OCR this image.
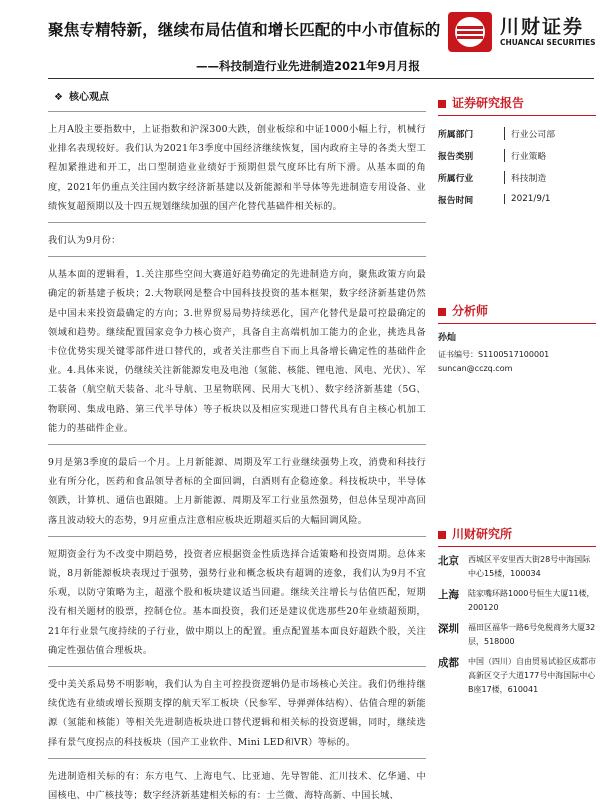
聚焦专精特新，继续布局估值和增长匹配的中小市值标的
——科技制造行业先进制造2021年9月月报
川财证券
CHUANCAI SECURITIES
❖ 核心观点

上月A股主要指数中，上证指数和沪深300大跌，创业板综和中证1000小幅上行，机械行业排名表现较好。我们认为2021年3季度中国经济继续恢复，国内政府主导的各类大型工程加紧推进和开工，出口型制造业业绩好于预期但景气度环比有所下滑。从基本面的角度，2021年仍重点关注国内数字经济新基建以及新能源和半导体等先进制造专用设备、业绩恢复超预期以及十四五规划继续加强的国产化替代基础件相关标的。

我们认为9月份：

从基本面的逻辑看，1.关注那些空间大赛道好趋势确定的先进制造方向，聚焦政策方向最确定的新基建子板块；2.大物联网是整合中国科技投资的基本框架，数字经济新基建仍然是中国未来投资最确定的方向；3.世界贸易局势持续恶化，国产化替代是最可控最确定的领域和趋势。继续配置国家竞争力核心资产，具备自主高端机加工能力的企业，挑选具备卡位优势实现关键零部件进口替代的，或者关注那些自下而上具备增长确定性的基础件企业。4.具体来说，仍继续关注新能源发电及电池（氢能、核能、锂电池、风电、光伏）、军工装备（航空航天装备、北斗导航、卫星物联网、民用大飞机）、数字经济新基建（5G、物联网、集成电路、第三代半导体）等子板块以及相应实现进口替代具有自主核心机加工能力的基础件企业。

9月是第3季度的最后一个月。上月新能源、周期及军工行业继续强势上攻，消费和科技行业有所分化，医药和食品领导者标的全面回调，白酒则有企稳迹象。科技板块中，半导体领跌，计算机、通信也跟随。上月新能源、周期及军工行业虽然强势，但总体呈现冲高回落且波动较大的态势，9月应重点注意相应板块近期超买后的大幅回调风险。

短期资金行为不改变中期趋势，投资者应根据资金性质选择合适策略和投资周期。总体来说，8月新能源板块表现过于强势，强势行业和概念板块有超调的迹象，我们认为9月不宜乐观，以防守策略为主，超涨个股和板块建议适当回避。继续关注增长与估值匹配，短期没有相关题材的股票，控制仓位。基本面投资，我们还是建议优选那些20年业绩超预期，21年行业景气度持续的子行业，做中期以上的配置。重点配置基本面良好超跌个股，关注确定性强估值合理板块。

受中美关系局势不明影响，我们认为自主可控投资逻辑仍是市场核心关注。我们仍维持继续优选有业绩或增长预期支撑的航天军工板块（民参军、导弹弹体结构）、估值合理的新能源（氢能和核能）等相关先进制造板块进口替代逻辑和相关标的投资逻辑，同时，继续选择有景气度拐点的科技板块（国产工业软件、Mini LED和VR）等标的。

先进制造相关标的有：东方电气、上海电气、比亚迪、先导智能、汇川技术、亿华通、中国核电、中广核技等；数字经济新基建相关标的有：士兰微、海特高新、中国长城、

证券研究报告
所属部门	行业公司部
报告类别	行业策略
所属行业	科技制造
报告时间	2021/9/1
分析师
孙灿
证书编号：S1100517100001
suncan@cczq.com
川财研究所
北京	西城区平安里西大街28号中海国际中心15楼，100034
上海	陆家嘴环路1000号恒生大厦11楼，200120
深圳	福田区福华一路6号免税商务大厦32层，518000
成都	中国（四川）自由贸易试验区成都市高新区交子大道177号中海国际中心B座17楼，610041
